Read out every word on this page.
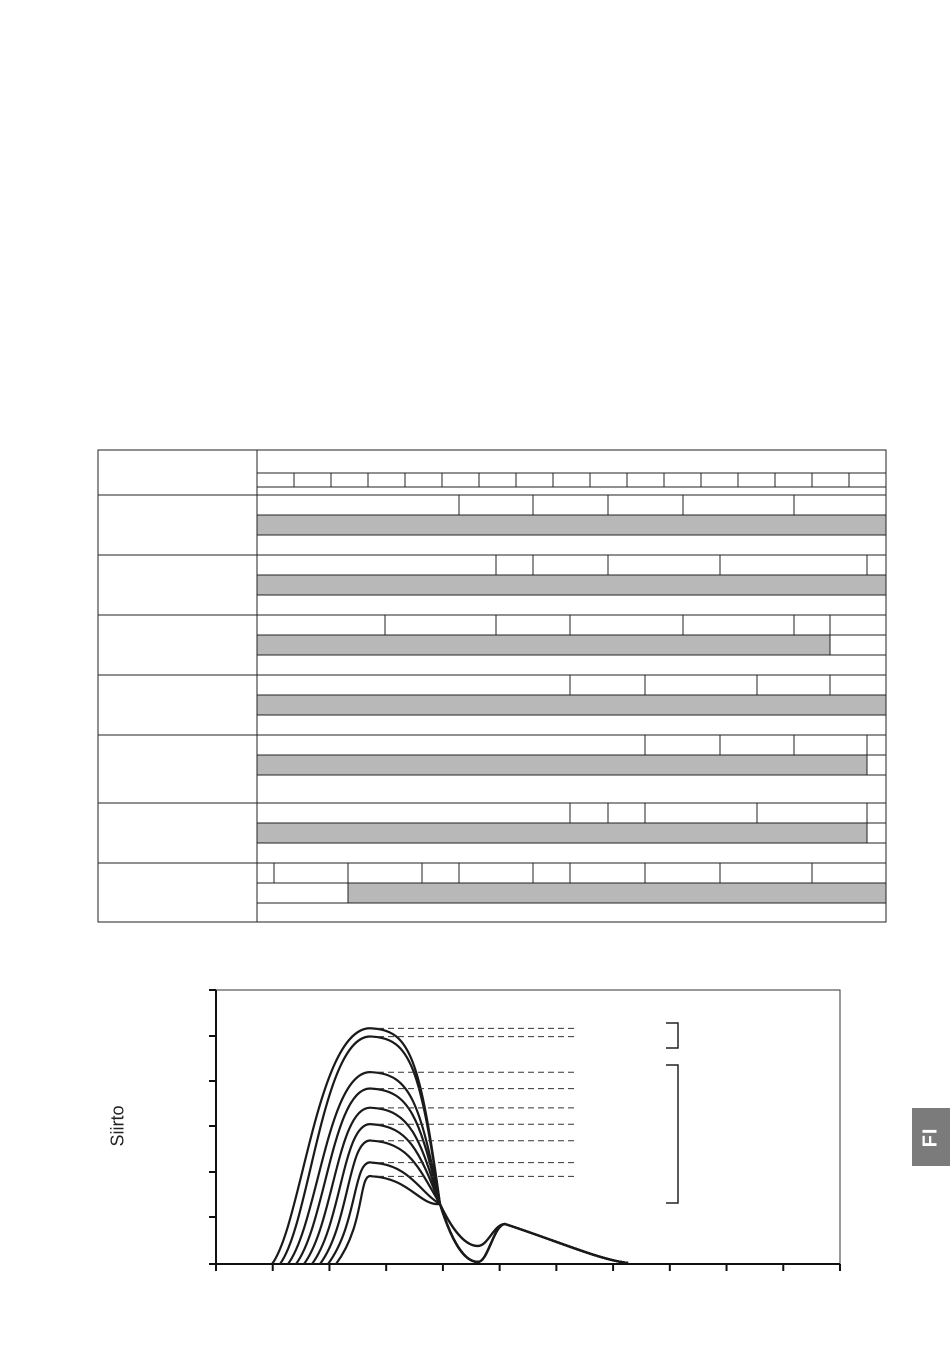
Siirto	FI
